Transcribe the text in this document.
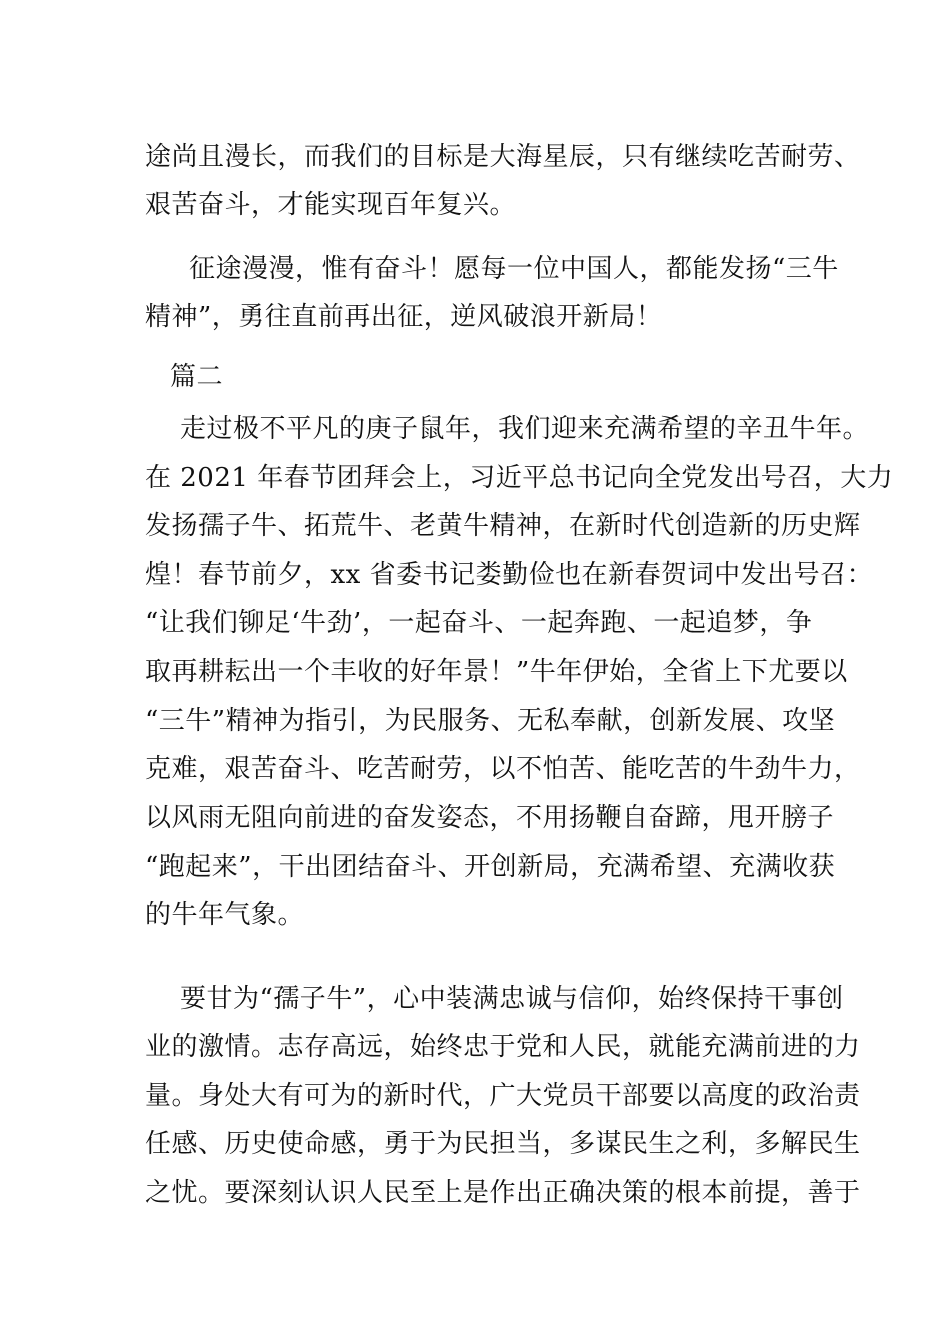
途尚且漫长，而我们的目标是大海星辰，只有继续吃苦耐劳、
艰苦奋斗，才能实现百年复兴。
征途漫漫，惟有奋斗！愿每一位中国人，都能发扬“三牛
精神”，勇往直前再出征，逆风破浪开新局！
篇二
走过极不平凡的庚子鼠年，我们迎来充满希望的辛丑牛年。
在 2021 年春节团拜会上，习近平总书记向全党发出号召，大力
发扬孺子牛、拓荒牛、老黄牛精神，在新时代创造新的历史辉
煌！春节前夕，xx 省委书记娄勤俭也在新春贺词中发出号召：
“让我们铆足‘牛劲’，一起奋斗、一起奔跑、一起追梦，争
取再耕耘出一个丰收的好年景！”牛年伊始，全省上下尤要以
“三牛”精神为指引，为民服务、无私奉献，创新发展、攻坚
克难，艰苦奋斗、吃苦耐劳，以不怕苦、能吃苦的牛劲牛力，
以风雨无阻向前进的奋发姿态，不用扬鞭自奋蹄，甩开膀子
“跑起来”，干出团结奋斗、开创新局，充满希望、充满收获
的牛年气象。
要甘为“孺子牛”，心中装满忠诚与信仰，始终保持干事创
业的激情。志存高远，始终忠于党和人民，就能充满前进的力
量。身处大有可为的新时代，广大党员干部要以高度的政治责
任感、历史使命感，勇于为民担当，多谋民生之利，多解民生
之忧。要深刻认识人民至上是作出正确决策的根本前提，善于
